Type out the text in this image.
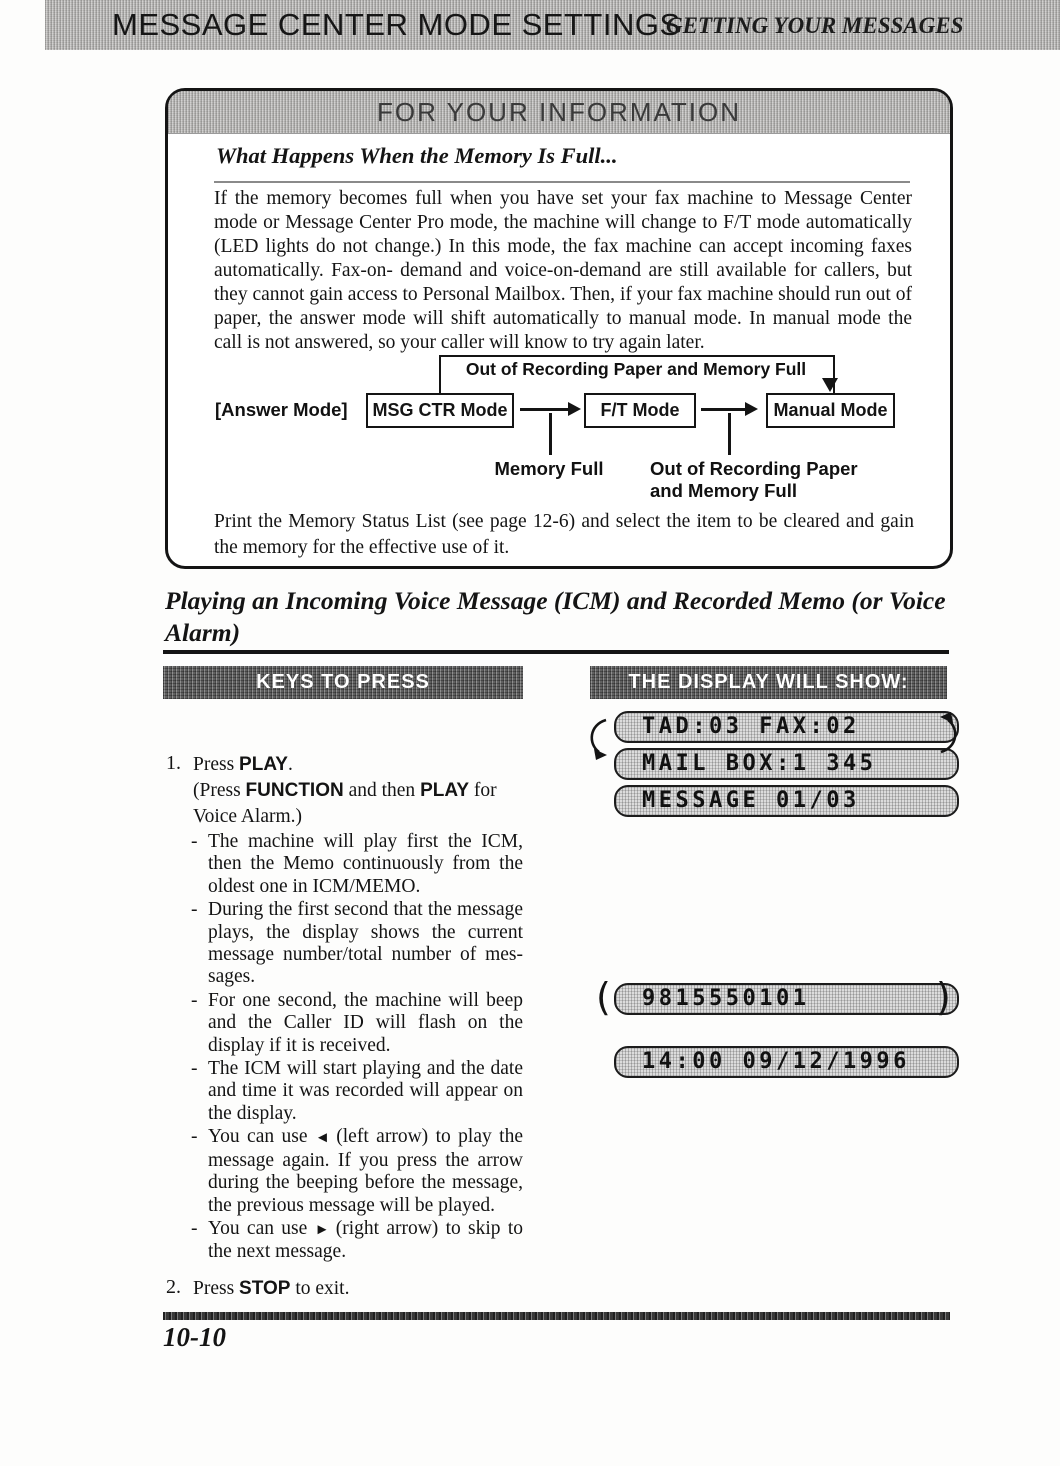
MESSAGE CENTER MODE SETTINGS
GETTING YOUR MESSAGES
FOR YOUR INFORMATION
What Happens When the Memory Is Full...
If the memory becomes full when you have set your fax machine to Message Center mode or Message Center Pro mode, the machine will change to F/T mode automatically (LED lights do not change.) In this mode, the fax machine can accept incoming faxes automatically. Fax-on- demand and voice-on-demand are still available for callers, but they cannot gain access to Personal Mailbox. Then, if your fax machine should run out of paper, the answer mode will shift automatically to manual mode. In manual mode the call is not answered, so your caller will know to try again later.
Print the Memory Status List (see page 12-6) and select the item to be cleared and gain the memory for the effective use of it.
Out of Recording Paper and Memory Full
[Answer Mode]	MSG CTR Mode	F/T Mode	Manual Mode
Memory Full	Out of Recording Paper and Memory Full
Playing an Incoming Voice Message (ICM) and Recorded Memo (or Voice Alarm)
KEYS TO PRESS	THE DISPLAY WILL SHOW:
TAD:03 FAX:02
MAIL BOX:1 345
MESSAGE 01/03
1. Press PLAY.
(Press FUNCTION and then PLAY for Voice Alarm.)
- The machine will play first the ICM, then the Memo continuously from the oldest one in ICM/MEMO.
- During the first second that the message plays, the display shows the current message number/total number of mes- sages.
- For one second, the machine will beep and the Caller ID will flash on the display if it is received.
- The ICM will start playing and the date and time it was recorded will appear on the display.
- You can use ◄ (left arrow) to play the message again. If you press the arrow during the beeping before the message, the previous message will be played.
- You can use ► (right arrow) to skip to the next message.
(	9815550101	)
14:00 09/12/1996
2. Press STOP to exit.
10-10
